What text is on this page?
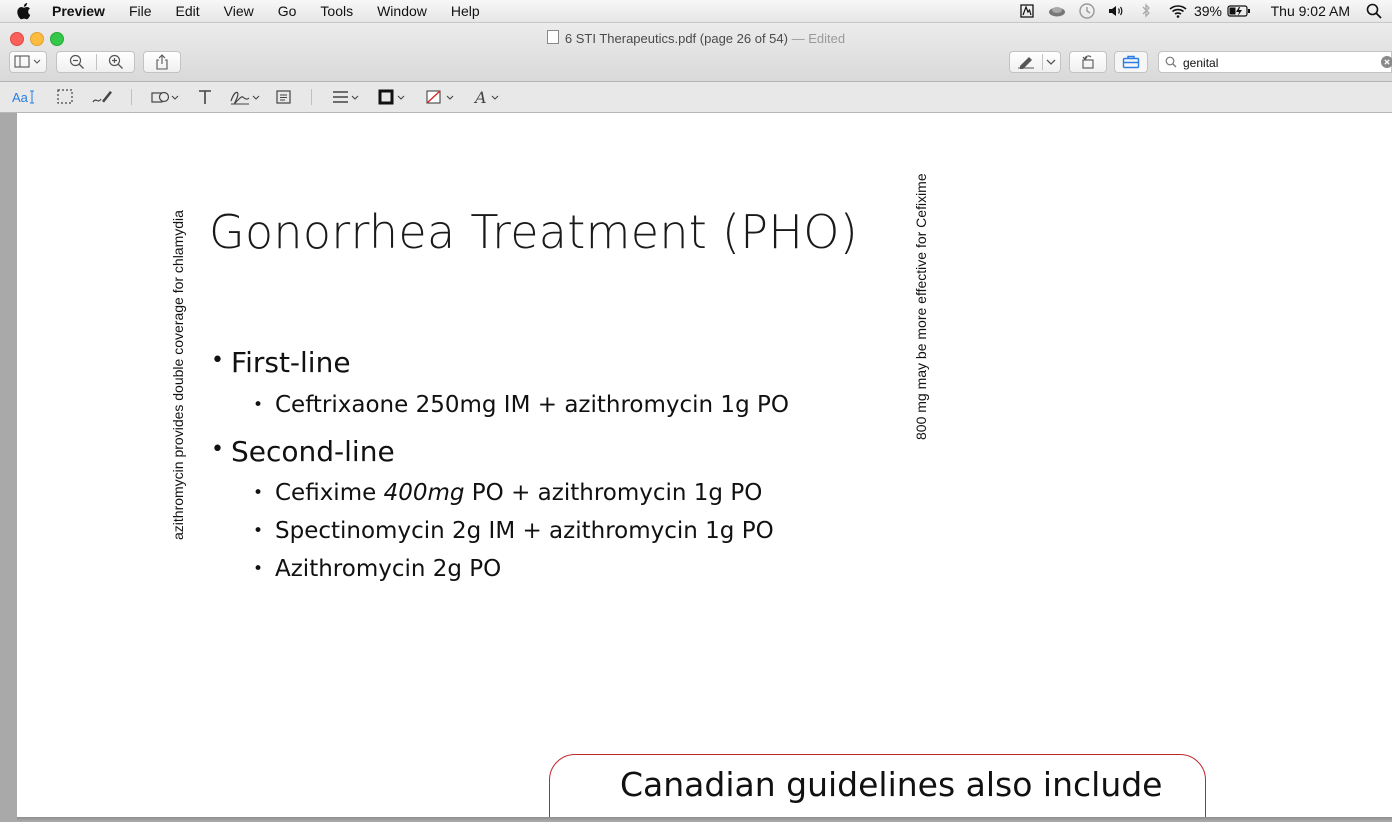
Preview	File	Edit	View	Go	Tools	Window	Help	39%	Thu 9:02 AM
6 STI Therapeutics.pdf (page 26 of 54) — Edited
genital
Aa	A
azithromycin provides double coverage for chlamydia Gonorrhea Treatment (PHO)
• First-line
• Ceftrixaone 250mg IM + azithromycin 1g PO
• Second-line
• Cefixime 400mg PO + azithromycin 1g PO
• Spectinomycin 2g IM + azithromycin 1g PO
• Azithromycin 2g PO
800 mg may be more effective for Cefixime
Canadian guidelines also include
